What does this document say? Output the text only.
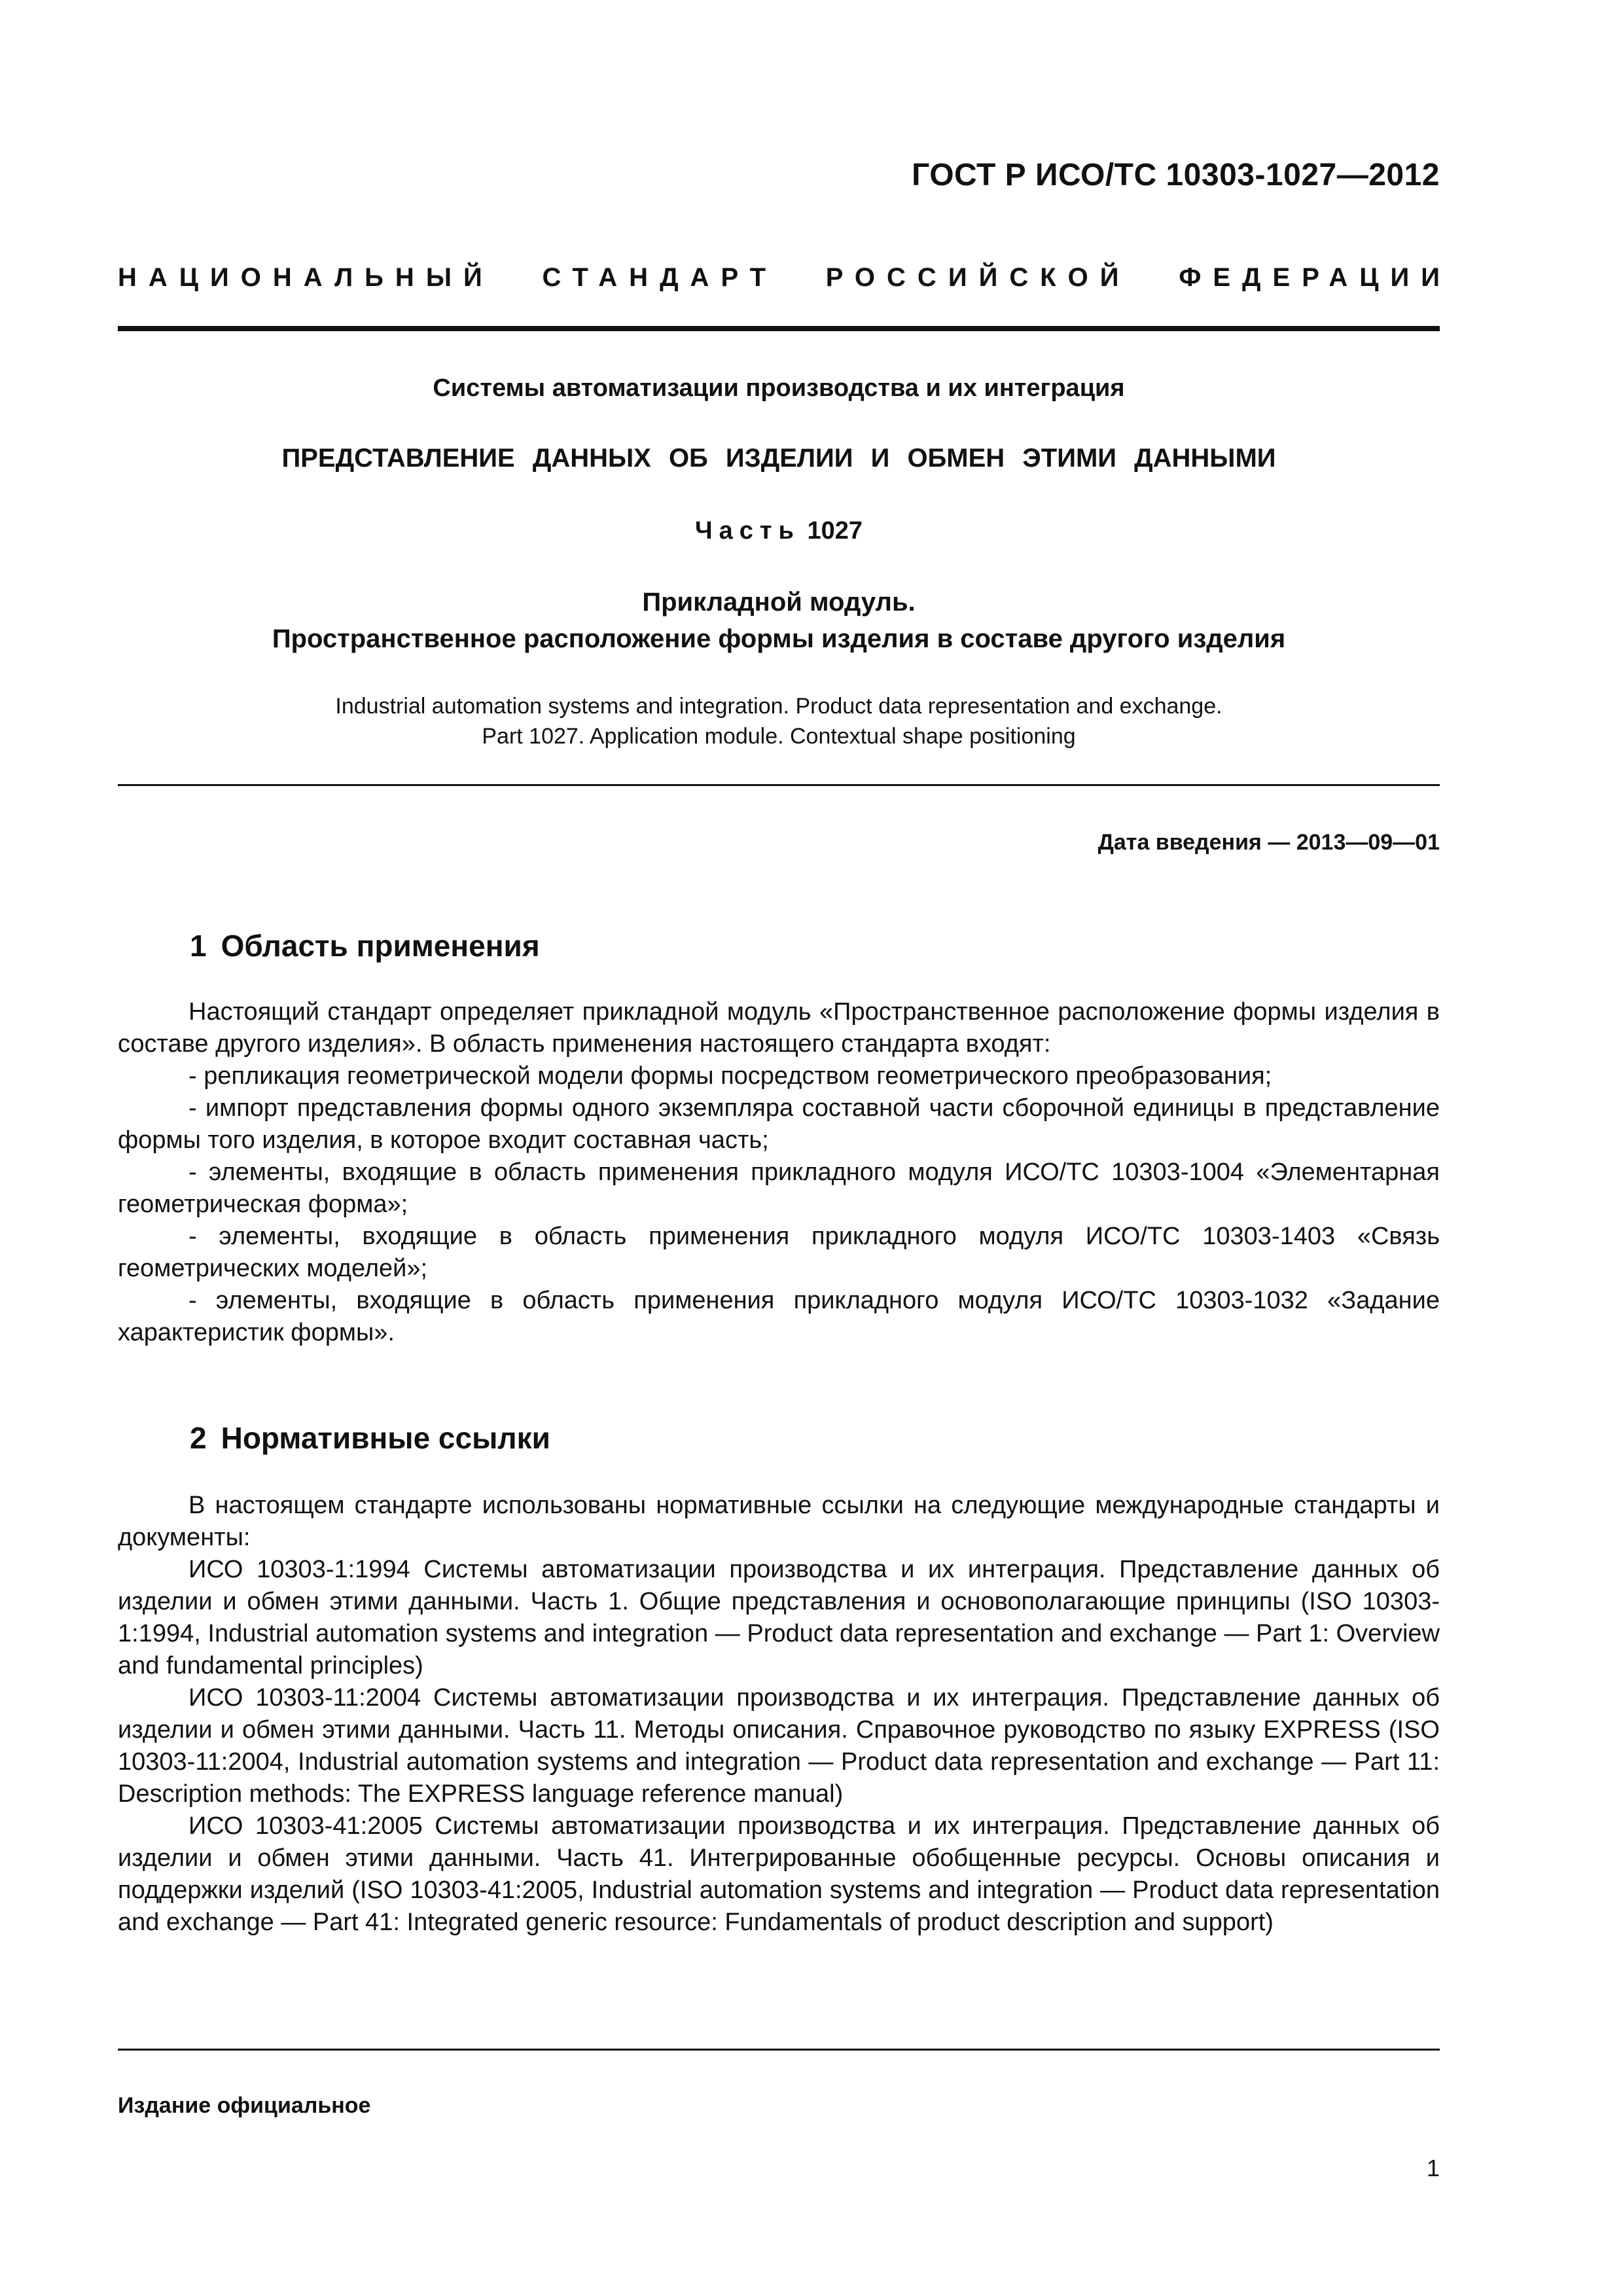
ГОСТ Р ИСО/ТС 10303-1027—2012
НАЦИОНАЛЬНЫЙ СТАНДАРТ РОССИЙСКОЙ ФЕДЕРАЦИИ
Системы автоматизации производства и их интеграция
ПРЕДСТАВЛЕНИЕ ДАННЫХ ОБ ИЗДЕЛИИ И ОБМЕН ЭТИМИ ДАННЫМИ
Часть 1027
Прикладной модуль.
Пространственное расположение формы изделия в составе другого изделия
Industrial automation systems and integration. Product data representation and exchange.
Part 1027. Application module. Contextual shape positioning
Дата введения — 2013—09—01
1 Область применения

Настоящий стандарт определяет прикладной модуль «Пространственное расположение формы изделия в составе другого изделия». В область применения настоящего стандарта входят:

- репликация геометрической модели формы посредством геометрического преобразования;

- импорт представления формы одного экземпляра составной части сборочной единицы в представление формы того изделия, в которое входит составная часть;

- элементы, входящие в область применения прикладного модуля ИСО/ТС 10303-1004 «Элементарная геометрическая форма»;

- элементы, входящие в область применения прикладного модуля ИСО/ТС 10303-1403 «Связь геометрических моделей»;

- элементы, входящие в область применения прикладного модуля ИСО/ТС 10303-1032 «Задание характеристик формы».

2 Нормативные ссылки

В настоящем стандарте использованы нормативные ссылки на следующие международные стандарты и документы:

ИСО 10303-1:1994 Системы автоматизации производства и их интеграция. Представление данных об изделии и обмен этими данными. Часть 1. Общие представления и основополагающие принципы (ISO 10303-1:1994, Industrial automation systems and integration — Product data representation and exchange — Part 1: Overview and fundamental principles)

ИСО 10303-11:2004 Системы автоматизации производства и их интеграция. Представление данных об изделии и обмен этими данными. Часть 11. Методы описания. Справочное руководство по языку EXPRESS (ISO 10303-11:2004, Industrial automation systems and integration — Product data representation and exchange — Part 11: Description methods: The EXPRESS language reference manual)

ИСО 10303-41:2005 Системы автоматизации производства и их интеграция. Представление данных об изделии и обмен этими данными. Часть 41. Интегрированные обобщенные ресурсы. Основы описания и поддержки изделий (ISO 10303-41:2005, Industrial automation systems and integration — Product data representation and exchange — Part 41: Integrated generic resource: Fundamentals of product description and support)

Издание официальное
1
